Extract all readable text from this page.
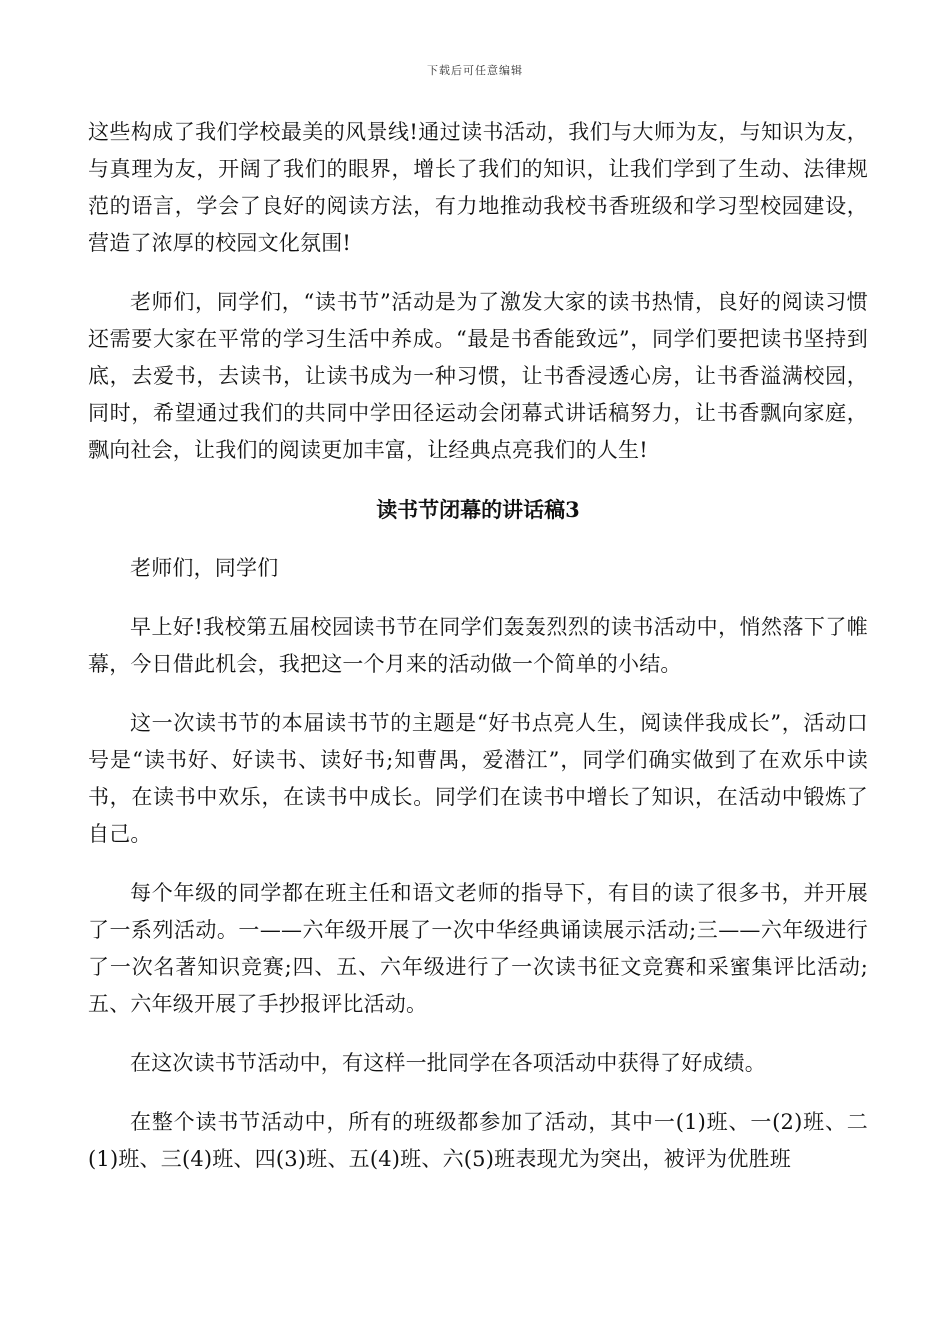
下载后可任意编辑

这些构成了我们学校最美的风景线!通过读书活动，我们与大师为友，与知识为友，与真理为友，开阔了我们的眼界，增长了我们的知识，让我们学到了生动、法律规范的语言，学会了良好的阅读方法，有力地推动我校书香班级和学习型校园建设，营造了浓厚的校园文化氛围!

老师们，同学们，“读书节”活动是为了激发大家的读书热情，良好的阅读习惯还需要大家在平常的学习生活中养成。“最是书香能致远”，同学们要把读书坚持到底，去爱书，去读书，让读书成为一种习惯，让书香浸透心房，让书香溢满校园，同时，希望通过我们的共同中学田径运动会闭幕式讲话稿努力，让书香飘向家庭，飘向社会，让我们的阅读更加丰富，让经典点亮我们的人生!

读书节闭幕的讲话稿3

老师们，同学们

早上好!我校第五届校园读书节在同学们轰轰烈烈的读书活动中，悄然落下了帷幕，今日借此机会，我把这一个月来的活动做一个简单的小结。

这一次读书节的本届读书节的主题是“好书点亮人生，阅读伴我成长”，活动口号是“读书好、好读书、读好书;知曹禺，爱潜江”，同学们确实做到了在欢乐中读书，在读书中欢乐，在读书中成长。同学们在读书中增长了知识，在活动中锻炼了自己。

每个年级的同学都在班主任和语文老师的指导下，有目的读了很多书，并开展了一系列活动。一——六年级开展了一次中华经典诵读展示活动;三——六年级进行了一次名著知识竞赛;四、五、六年级进行了一次读书征文竞赛和采蜜集评比活动;五、六年级开展了手抄报评比活动。

在这次读书节活动中，有这样一批同学在各项活动中获得了好成绩。

在整个读书节活动中，所有的班级都参加了活动，其中一(1)班、一(2)班、二(1)班、三(4)班、四(3)班、五(4)班、六(5)班表现尤为突出，被评为优胜班
